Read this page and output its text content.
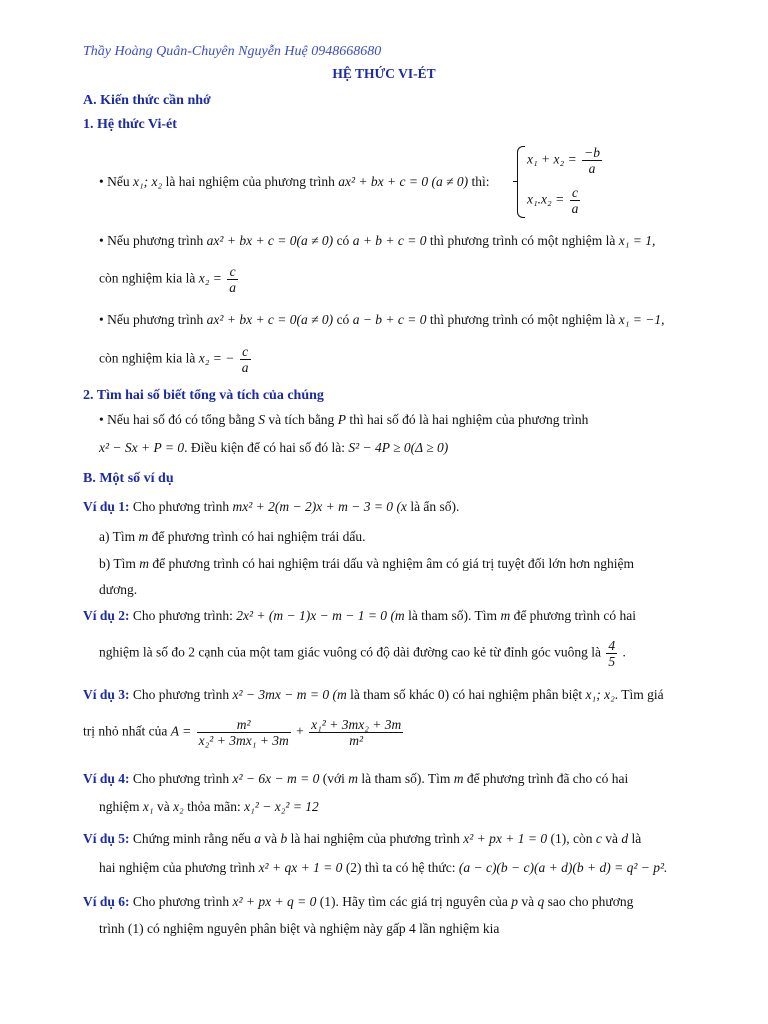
Thầy Hoàng Quân-Chuyên Nguyễn Huệ 0948668680
HỆ THỨC VI-ÉT
A. Kiến thức cần nhớ
1. Hệ thức Vi-ét
• Nếu x₁; x₂ là hai nghiệm của phương trình ax² + bx + c = 0 (a ≠ 0) thì:
$x_1 + x_2 = \frac{-b}{a}$
$x_1.x_2 = \frac{c}{a}$
• Nếu phương trình ax² + bx + c = 0(a ≠ 0) có a + b + c = 0 thì phương trình có một nghiệm là x₁ = 1,
còn nghiệm kia là $x_2 = \frac{c}{a}$
• Nếu phương trình ax² + bx + c = 0(a ≠ 0) có a − b + c = 0 thì phương trình có một nghiệm là x₁ = −1,
còn nghiệm kia là x₂ = − $\frac{c}{a}$
2. Tìm hai số biết tổng và tích của chúng
• Nếu hai số đó có tổng bằng S và tích bằng P thì hai số đó là hai nghiệm của phương trình
x² − Sx + P = 0. Điều kiện để có hai số đó là: S² − 4P ≥ 0(Δ ≥ 0)
B. Một số ví dụ
Ví dụ 1: Cho phương trình mx² + 2(m − 2)x + m − 3 = 0 (x là ẩn số).
a) Tìm m để phương trình có hai nghiệm trái dấu.
b) Tìm m để phương trình có hai nghiệm trái dấu và nghiệm âm có giá trị tuyệt đối lớn hơn nghiệm
dương.
Ví dụ 2: Cho phương trình: 2x² + (m − 1)x − m − 1 = 0 (m là tham số). Tìm m để phương trình có hai
nghiệm là số đo 2 cạnh của một tam giác vuông có độ dài đường cao kẻ từ đỉnh góc vuông là $\frac{4}{5}$ .
Ví dụ 3: Cho phương trình x² − 3mx − m = 0 (m là tham số khác 0) có hai nghiệm phân biệt x₁; x₂. Tìm giá
trị nhỏ nhất của $A = \frac{\text{m²}}{\text{x₂² + 3mx₁ + 3m}} + \frac{\text{x₁² + 3mx₂ + 3m}}{\text{m²}}$
Ví dụ 4: Cho phương trình x² − 6x − m = 0 (với m là tham số). Tìm m để phương trình đã cho có hai
nghiệm x₁ và x₂ thỏa mãn: x₁² − x₂² = 12
Ví dụ 5: Chứng minh rằng nếu a và b là hai nghiệm của phương trình x² + px + 1 = 0 (1), còn c và d là
hai nghiệm của phương trình x² + qx + 1 = 0 (2) thì ta có hệ thức: (a − c)(b − c)(a + d)(b + d) = q² − p².
Ví dụ 6: Cho phương trình x² + px + q = 0 (1). Hãy tìm các giá trị nguyên của p và q sao cho phương
trình (1) có nghiệm nguyên phân biệt và nghiệm này gấp 4 lần nghiệm kia
